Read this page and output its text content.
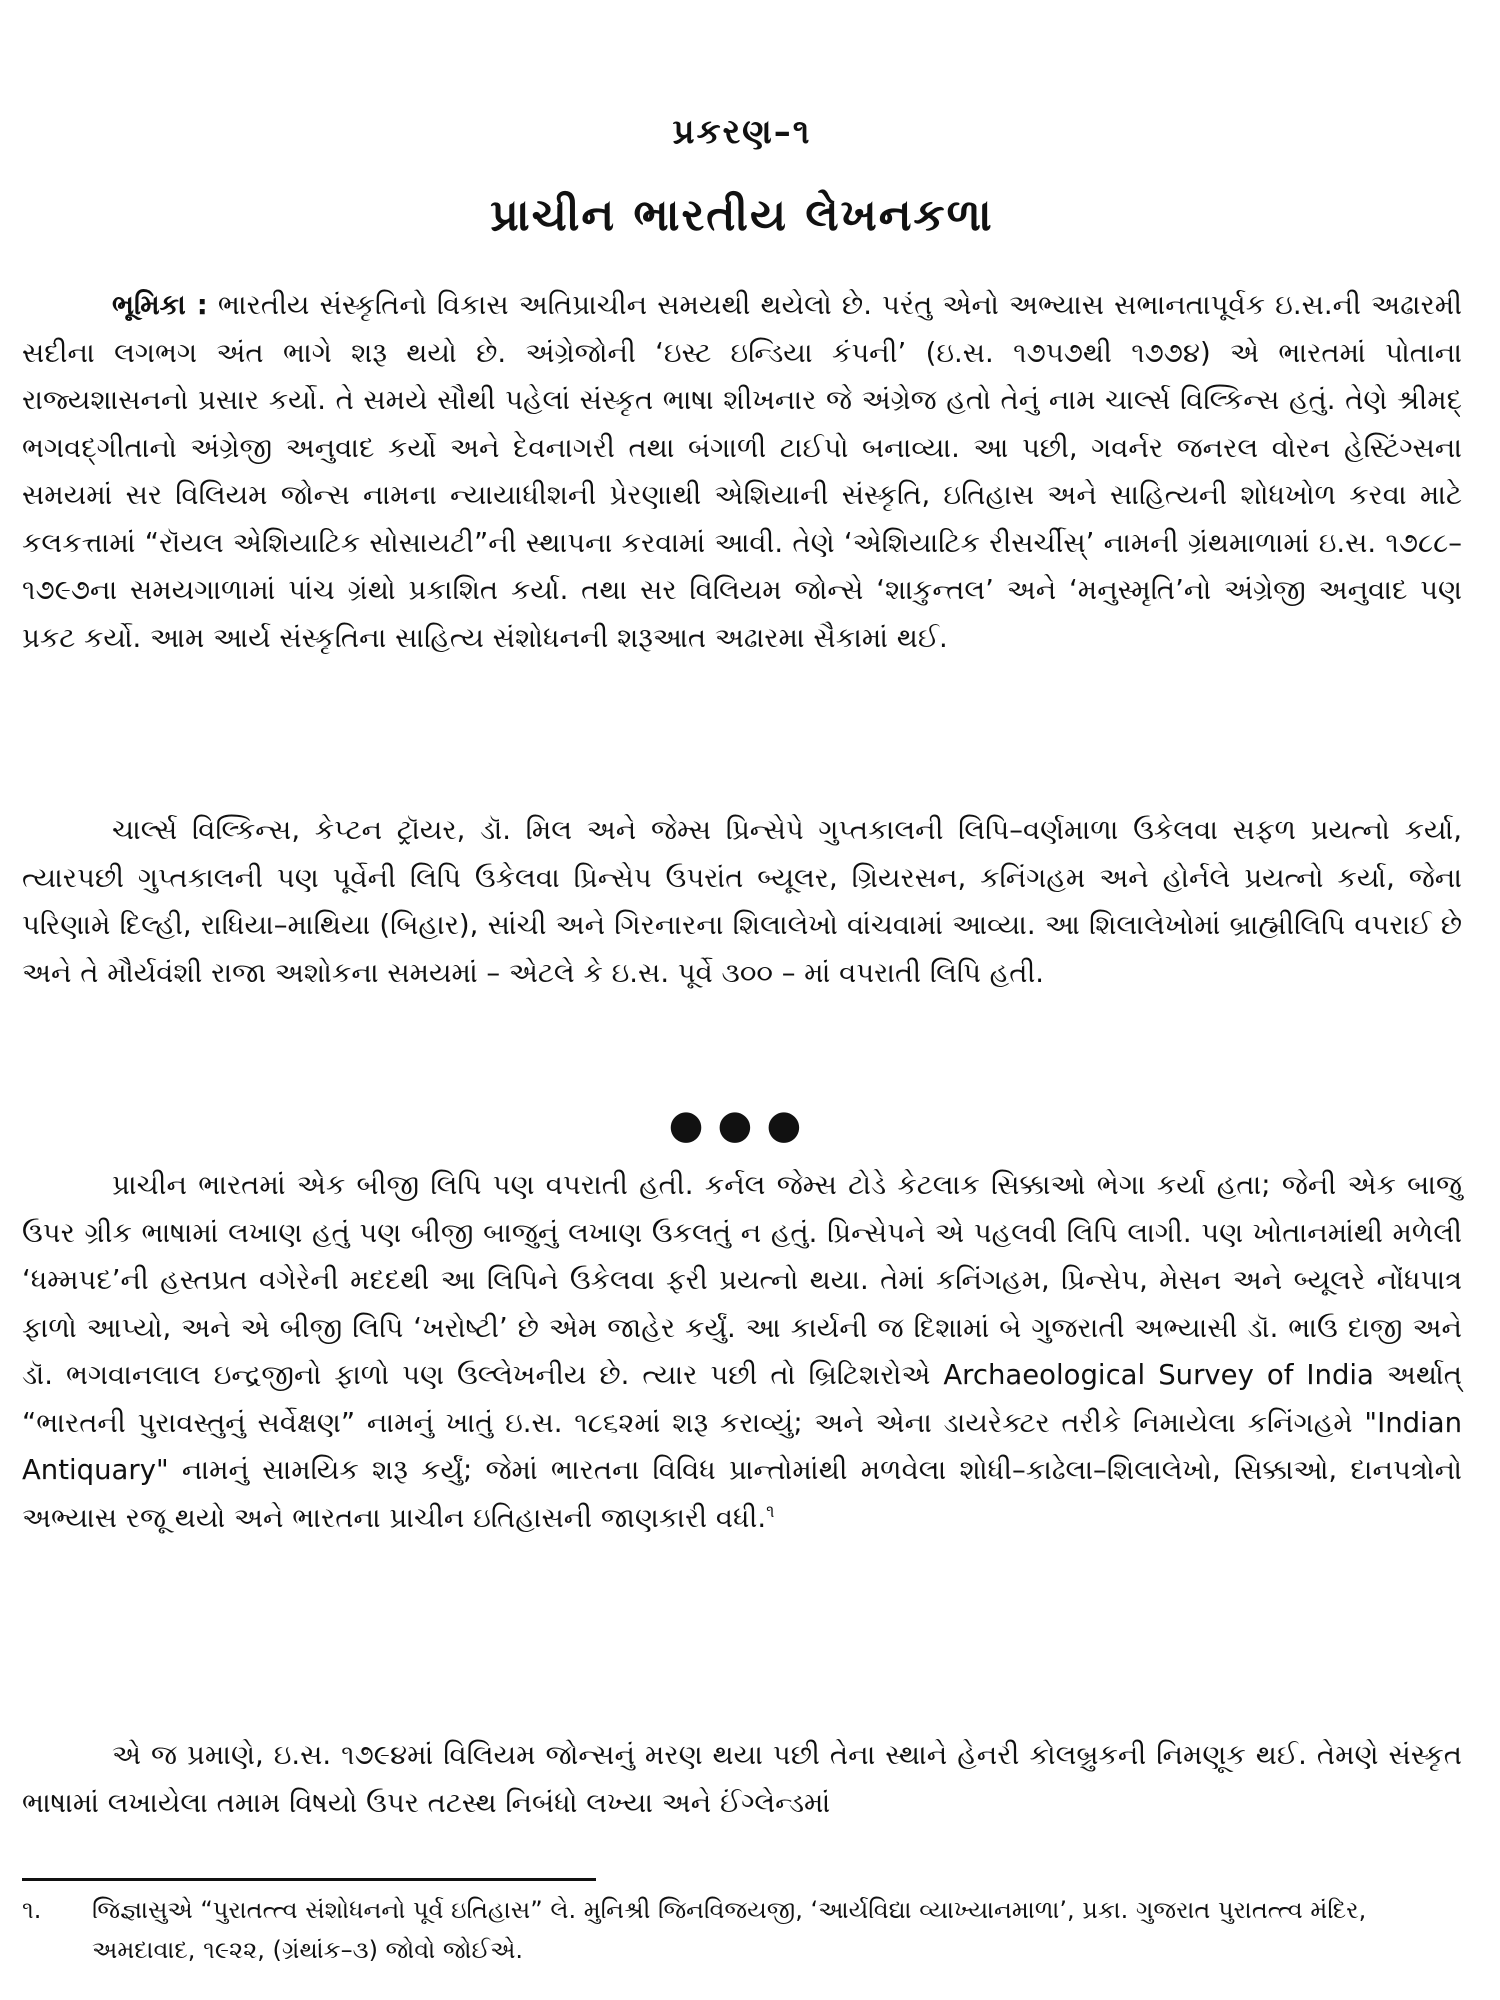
પ્રકરણ–૧
પ્રાચીન ભારતીય લેખનકળા

ભૂમિકા : ભારતીય સંસ્કૃતિનો વિકાસ અતિપ્રાચીન સમયથી થયેલો છે. પરંતુ એનો અભ્યાસ સભાનતાપૂર્વક ઇ.સ.ની અઢારમી સદીના લગભગ અંત ભાગે શરૂ થયો છે. અંગ્રેજોની ‘ઇસ્ટ ઇન્ડિયા કંપની’ (ઇ.સ. ૧૭૫૭થી ૧૭૭૪) એ ભારતમાં પોતાના રાજ્યશાસનનો પ્રસાર કર્યો. તે સમયે સૌથી પહેલાં સંસ્કૃત ભાષા શીખનાર જે અંગ્રેજ હતો તેનું નામ ચાર્લ્સ વિલ્કિન્સ હતું. તેણે શ્રીમદ્ ભગવદ્ગીતાનો અંગ્રેજી અનુવાદ કર્યો અને દેવનાગરી તથા બંગાળી ટાઈપો બનાવ્યા. આ પછી, ગવર્નર જનરલ વોરન હેસ્ટિંગ્સના સમયમાં સર વિલિયમ જોન્સ નામના ન્યાયાધીશની પ્રેરણાથી એશિયાની સંસ્કૃતિ, ઇતિહાસ અને સાહિત્યની શોધખોળ કરવા માટે કલકત્તામાં “રૉયલ એશિયાટિક સોસાયટી”ની સ્થાપના કરવામાં આવી. તેણે ‘એશિયાટિક રીસર્ચીસ્’ નામની ગ્રંથમાળામાં ઇ.સ. ૧૭૮૮–૧૭૯૭ના સમયગાળામાં પાંચ ગ્રંથો પ્રકાશિત કર્યા. તથા સર વિલિયમ જોન્સે ‘શાકુન્તલ’ અને ‘મનુસ્મૃતિ’નો અંગ્રેજી અનુવાદ પણ પ્રકટ કર્યો. આમ આર્ય સંસ્કૃતિના સાહિત્ય સંશોધનની શરૂઆત અઢારમા સૈકામાં થઈ.

ચાર્લ્સ વિલ્કિન્સ, કેપ્ટન ટ્રૉયર, ડૉ. મિલ અને જેમ્સ પ્રિન્સેપે ગુપ્તકાલની લિપિ–વર્ણમાળા ઉકેલવા સફળ પ્રયત્નો કર્યા, ત્યારપછી ગુપ્તકાલની પણ પૂર્વેની લિપિ ઉકેલવા પ્રિન્સેપ ઉપરાંત બ્યૂલર, ગ્રિયરસન, કનિંગહમ અને હોર્નલે પ્રયત્નો કર્યા, જેના પરિણામે દિલ્હી, રાધિયા–માથિયા (બિહાર), સાંચી અને ગિરનારના શિલાલેખો વાંચવામાં આવ્યા. આ શિલાલેખોમાં બ્રાહ્મીલિપિ વપરાઈ છે અને તે મૌર્યવંશી રાજા અશોકના સમયમાં – એટલે કે ઇ.સ. પૂર્વે ૩૦૦ – માં વપરાતી લિપિ હતી.

●●●

પ્રાચીન ભારતમાં એક બીજી લિપિ પણ વપરાતી હતી. કર્નલ જેમ્સ ટોડે કેટલાક સિક્કાઓ ભેગા કર્યા હતા; જેની એક બાજુ ઉપર ગ્રીક ભાષામાં લખાણ હતું પણ બીજી બાજુનું લખાણ ઉકલતું ન હતું. પ્રિન્સેપને એ પહલવી લિપિ લાગી. પણ ખોતાનમાંથી મળેલી ‘ધમ્મપદ’ની હસ્તપ્રત વગેરેની મદદથી આ લિપિને ઉકેલવા ફરી પ્રયત્નો થયા. તેમાં કનિંગહમ, પ્રિન્સેપ, મેસન અને બ્યૂલરે નોંધપાત્ર ફાળો આપ્યો, અને એ બીજી લિપિ ‘ખરોષ્ટી’ છે એમ જાહેર કર્યું. આ કાર્યની જ દિશામાં બે ગુજરાતી અભ્યાસી ડૉ. ભાઉ દાજી અને ડૉ. ભગવાનલાલ ઇન્દ્રજીનો ફાળો પણ ઉલ્લેખનીય છે. ત્યાર પછી તો બ્રિટિશરોએ Archaeological Survey of India અર્થાત્ “ભારતની પુરાવસ્તુનું સર્વેક્ષણ” નામનું ખાતું ઇ.સ. ૧૮૬૨માં શરૂ કરાવ્યું; અને એના ડાયરેક્ટર તરીકે નિમાયેલા કનિંગહમે "Indian Antiquary" નામનું સામયિક શરૂ કર્યું; જેમાં ભારતના વિવિધ પ્રાન્તોમાંથી મળવેલા શોધી–કાઢેલા–શિલાલેખો, સિક્કાઓ, દાનપત્રોનો અભ્યાસ રજૂ થયો અને ભારતના પ્રાચીન ઇતિહાસની જાણકારી વધી.$^૧$

એ જ પ્રમાણે, ઇ.સ. ૧૭૯૪માં વિલિયમ જોન્સનું મરણ થયા પછી તેના સ્થાને હેનરી કોલબ્રુકની નિમણૂક થઈ. તેમણે સંસ્કૃત ભાષામાં લખાયેલા તમામ વિષયો ઉપર તટસ્થ નિબંધો લખ્યા અને ઈંગ્લેન્ડમાં

૧. જિજ્ઞાસુએ “પુરાતત્ત્વ સંશોધનનો પૂર્વ ઇતિહાસ” લે. મુનિશ્રી જિનવિજયજી, ‘આર્યવિદ્યા વ્યાખ્યાનમાળા’, પ્રકા. ગુજરાત પુરાતત્ત્વ મંદિર, અમદાવાદ, ૧૯૨૨, (ગ્રંથાંક–૩) જોવો જોઈએ.
